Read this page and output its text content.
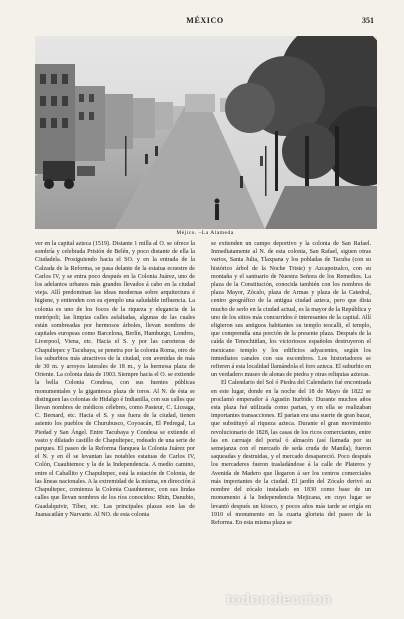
MÉXICO	351
Méjico. –La Alameda

ver en la capital azteca (1519). Distante 1 milla al O. se ofrece la sombría y celebrada Prisión de Belén, y poco distante de ella la Ciudadela. Prosiguiendo hacia el SO. y en la entrada de la Calzada de la Reforma, se pasa delante de la estatua ecuestre de Carlos IV, y se entra poco después en la Colonia Juárez, uno de los adelantos urbanos más grandes llevados á cabo en la ciudad vieja. Allí predominan las ideas modernas sobre arquitectura é higiene, y entienden con su ejemplo una saludable influencia. La colonia es uno de los focos de la riqueza y elegancia de la metrópoli; las limpias calles asfaltadas, algunas de las cuales están sombreadas por hermosos árboles, llevan nombres de capitales europeas como Barcelona, Berlín, Hamburgo, Londres, Liverpool, Viena, etc. Hacia el S. y por las carreteras de Chapultepec y Tacubaya, se penetra por la colonia Roma, otro de los suburbios más atractivos de la ciudad, con avenidas de más de 30 m. y arroyos laterales de 18 m., y la hermosa plaza de Oriente. La colonia data de 1903. Siempre hacia el O. se extiende la bella Colonia Condesa, con sus fuentes públicas monumentales y la gigantesca plaza de toros. Al N. de ésta se distinguen las colonias de Hidalgo é Indianilla, con sus calles que llevan nombres de médicos célebres, como Pasteur, C. Liceaga, C. Bernard, etc. Hacia el S. y sus fuera de la ciudad, tienen asiento los pueblos de Churubusco, Coyoacán, El Pedregal, La Piedad y San Ángel. Entre Tacubaya y Condesa se extiende el vasto y dilatado castillo de Chapultepec, rodeado de una serie de parques. El paseo de la Reforma flanquea la Colonia Juárez por el N. y en él se levantan las notables estatuas de Carlos IV, Colón, Cuauhtemoc y la de la Independencia. A medio camino, entre el Caballito y Chapultepec, está la estación de Colonia, de las líneas nacionales. A la extremidad de la misma, en dirección á Chapultepec, comienza la Colonia Cuauhtemoc, con sus lindas calles que llevan nombres de los ríos conocidos: Rhin, Danubio, Guadalquivir, Tíber, etc. Las principales plazas son las de Juanacatlán y Narvarte. Al NO. de esta colonia

se extienden un campo deportivo y la colonia de San Rafael. Inmediatamente al N. de esta colonia, San Rafael, siguen otras varios, Santa Julia, Tlaxpana y los pobladas de Tacuba (con su histórico árbol de la Noche Triste) y Azcapotzalco, con su montaña y el santuario de Nuestra Señora de los Remedios. La plaza de la Constitución, conocida también con los nombres de plaza Mayor, Zócalo, plaza de Armas y plaza de la Catedral, centro geográfico de la antigua ciudad azteca, pero que dista mucho de serlo en la ciudad actual, es la mayor de la República y uno de los sitios más concurridos é interesantes de la capital. Allí eligieron sus antiguos habitantes su templo teocalli, el templo, que comprendía una porción de la presente plaza. Después de la caída de Tenochtitlan, los victoriosos españoles destruyeron el mexicano templo y los edificios adyacentes, según los inmediatos canales con sus escombros. Los historiadores se refieren á esta localidad llamándola el foro azteca. El suburbio en un verdadero museo de alonas de piedra y otras reliquias aztecas.

El Calendario del Sol ó Piedra del Calendario fué encontrada en este lugar, donde en la noche del 18 de Mayo de 1822 se proclamó emperador á Agustín Iturbide. Durante muchos años esta plaza fué utilizada como parian, y en ella se realizaban importantes transacciones. El parian era una suerte de gran bazar, que substituyó al riqueza azteca. Durante el gran movimiento revolucionario de 1828, las casas de los ricos comerciantes, entre las en carruaje del portal ó almacén (así llamada por su semejanza con el mercado de seda cruda de Manila), fueron saqueadas y destruidas, y el mercado desapareció. Poco después los mercaderes fueron trasladándose á la calle de Plateros y Avenida de Madero que llegaron á ser los centros comerciales más importantes de la ciudad. El jardín del Zócalo derivó su nombre del zócalo instalado en 1830 como base de un monumento á la Independencia Mejicana, en cuyo lugar se levantó después un kiosco, y pocos años más tarde se erigía en 1910 el monumento en la cuarta glorieta del paseo de la Reforma. En esta misma plaza se

todocoleccion
